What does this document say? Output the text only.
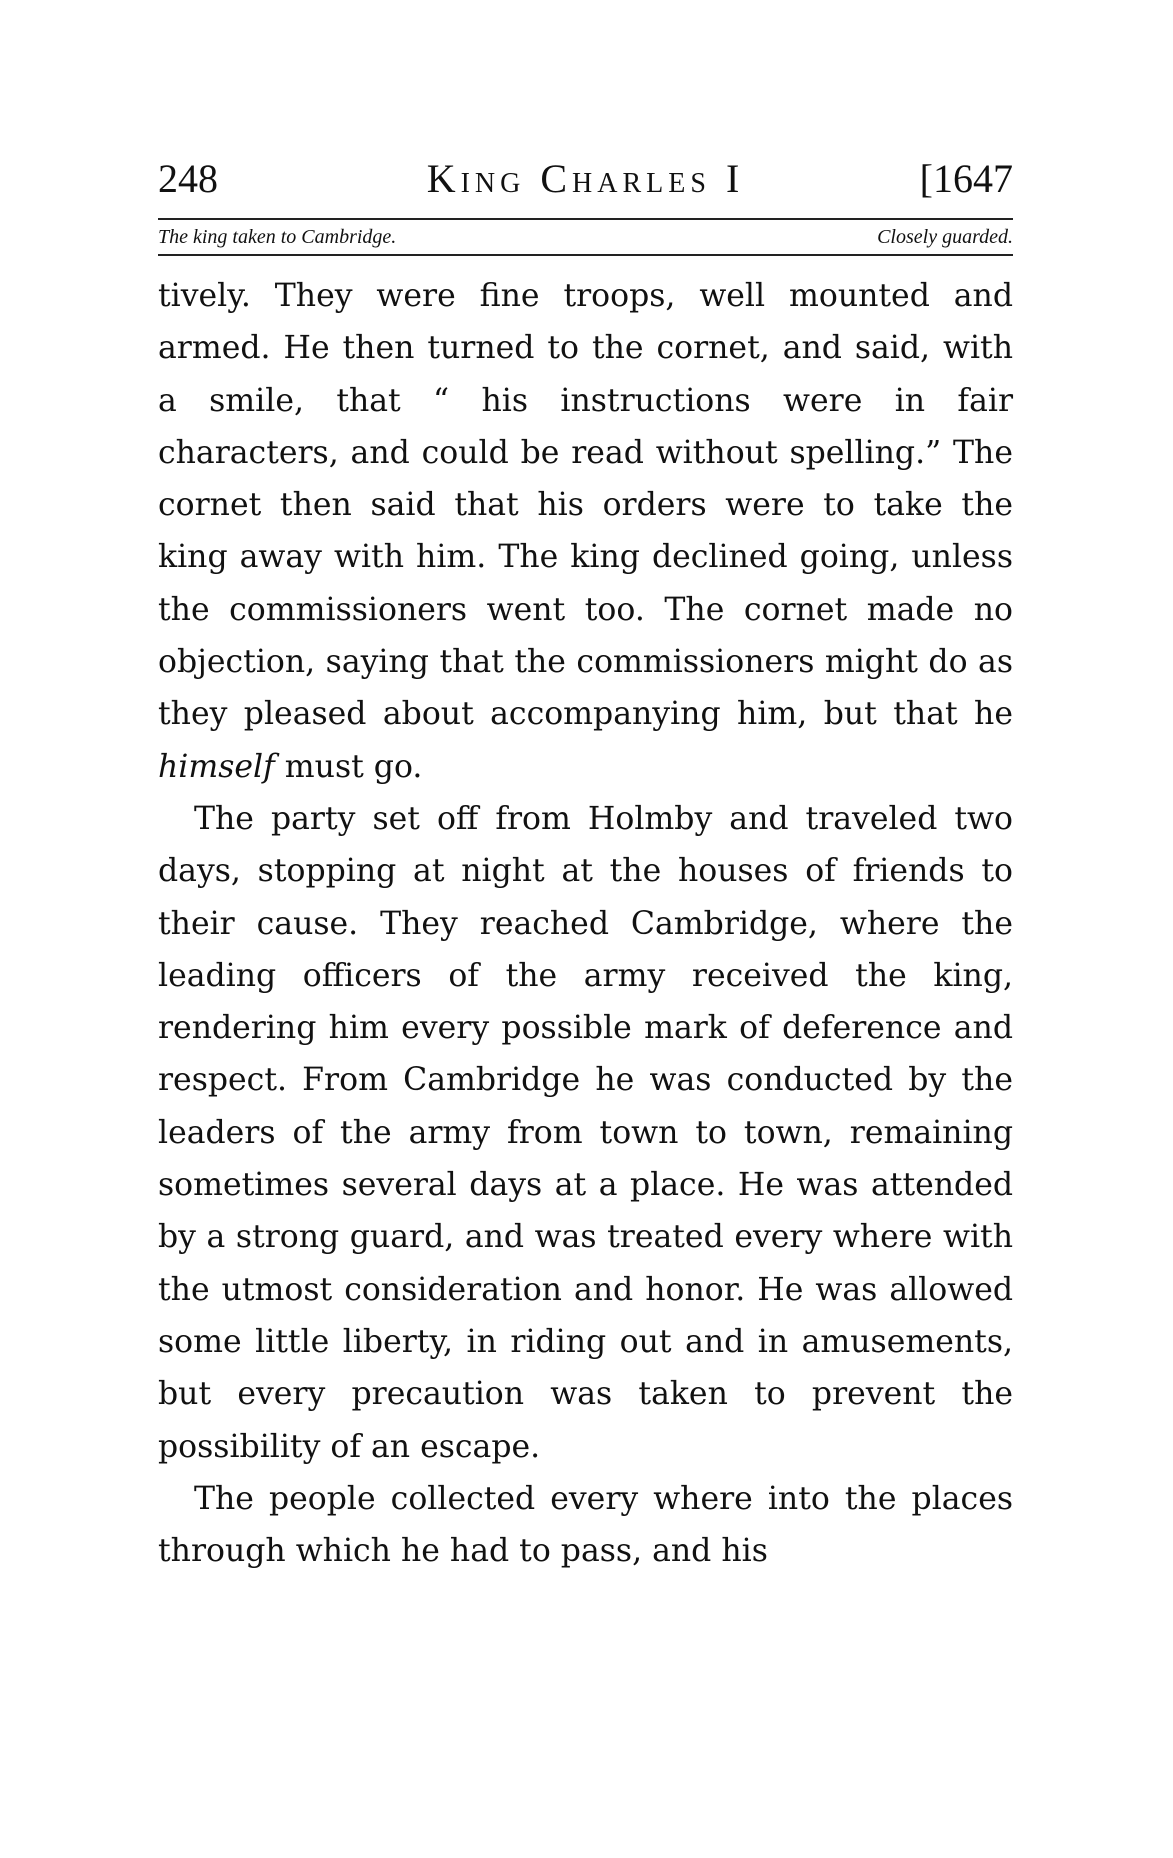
248	King Charles I	[1647
The king taken to Cambridge.	Closely guarded.

tively. They were fine troops, well mounted and armed. He then turned to the cornet, and said, with a smile, that “ his instructions were in fair characters, and could be read without spelling.” The cornet then said that his orders were to take the king away with him. The king declined going, unless the commissioners went too. The cornet made no objection, saying that the commissioners might do as they pleased about accompanying him, but that he himself must go.

The party set off from Holmby and traveled two days, stopping at night at the houses of friends to their cause. They reached Cambridge, where the leading officers of the army received the king, rendering him every possible mark of deference and respect. From Cambridge he was conducted by the leaders of the army from town to town, remaining sometimes several days at a place. He was attended by a strong guard, and was treated every where with the utmost consideration and honor. He was allowed some little liberty, in riding out and in amusements, but every precaution was taken to prevent the possibility of an escape.

The people collected every where into the places through which he had to pass, and his
